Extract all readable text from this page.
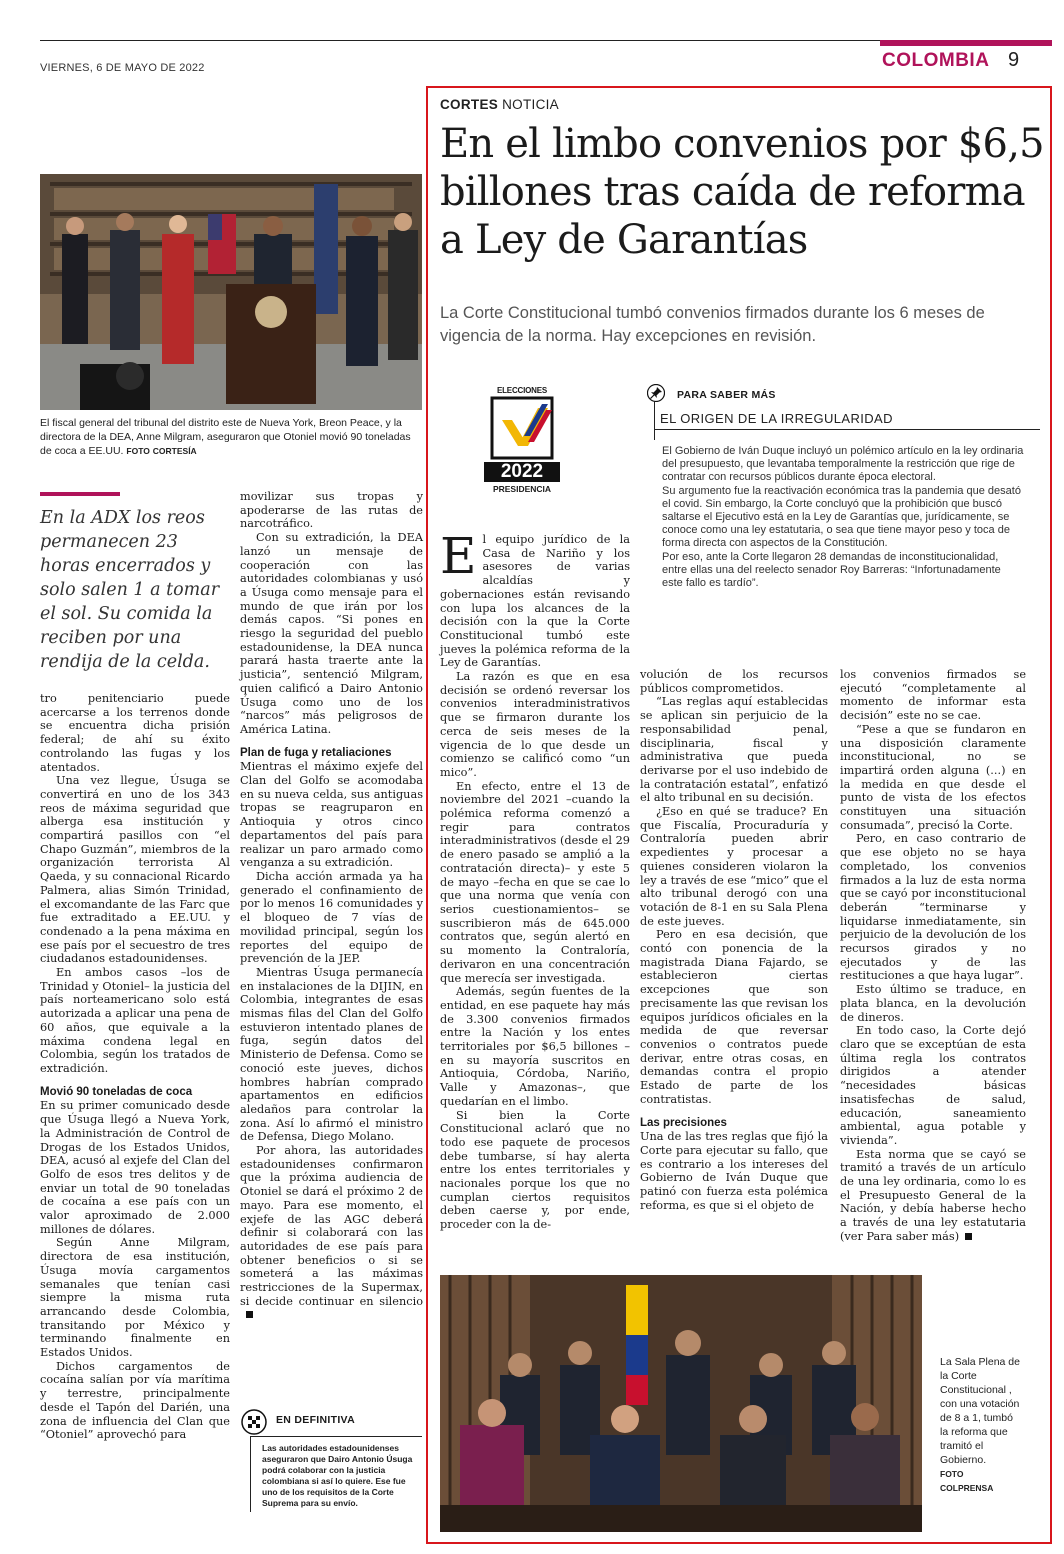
VIERNES, 6 DE MAYO DE 2022	COLOMBIA 9
El fiscal general del tribunal del distrito este de Nueva York, Breon Peace, y la directora de la DEA, Anne Milgram, aseguraron que Otoniel movió 90 toneladas de coca a EE.UU. FOTO CORTESÍA
En la ADX los reos permanecen 23 horas encerrados y solo salen 1 a tomar el sol. Su comida la reciben por una rendija de la celda.

tro penitenciario puede acercarse a los terrenos donde se encuentra dicha prisión federal; de ahí su éxito controlando las fugas y los atentados.

Una vez llegue, Úsuga se convertirá en uno de los 343 reos de máxima seguridad que alberga esa institución y compartirá pasillos con “el Chapo Guzmán”, miembros de la organización terrorista Al Qaeda, y su connacional Ricardo Palmera, alias Simón Trinidad, el excomandante de las Farc que fue extraditado a EE.UU. y condenado a la pena máxima en ese país por el secuestro de tres ciudadanos estadounidenses.

En ambos casos –los de Trinidad y Otoniel– la justicia del país norteamericano solo está autorizada a aplicar una pena de 60 años, que equivale a la máxima condena legal en Colombia, según los tratados de extradición.

Movió 90 toneladas de coca

En su primer comunicado desde que Úsuga llegó a Nueva York, la Administración de Control de Drogas de los Estados Unidos, DEA, acusó al exjefe del Clan del Golfo de esos tres delitos y de enviar un total de 90 toneladas de cocaína a ese país con un valor aproximado de 2.000 millones de dólares.

Según Anne Milgram, directora de esa institución, Úsuga movía cargamentos semanales que tenían casi siempre la misma ruta arrancando desde Colombia, transitando por México y terminando finalmente en Estados Unidos.

Dichos cargamentos de cocaína salían por vía marítima y terrestre, principalmente desde el Tapón del Darién, una zona de influencia del Clan que “Otoniel” aprovechó para

movilizar sus tropas y apoderarse de las rutas de narcotráfico.

Con su extradición, la DEA lanzó un mensaje de cooperación con las autoridades colombianas y usó a Úsuga como mensaje para el mundo de que irán por los demás capos. “Si pones en riesgo la seguridad del pueblo estadounidense, la DEA nunca parará hasta traerte ante la justicia”, sentenció Milgram, quien calificó a Dairo Antonio Úsuga como uno de los “narcos” más peligrosos de América Latina.

Plan de fuga y retaliaciones

Mientras el máximo exjefe del Clan del Golfo se acomodaba en su nueva celda, sus antiguas tropas se reagruparon en Antioquia y otros cinco departamentos del país para realizar un paro armado como venganza a su extradición.

Dicha acción armada ya ha generado el confinamiento de por lo menos 16 comunidades y el bloqueo de 7 vías de movilidad principal, según los reportes del equipo de prevención de la JEP.

Mientras Úsuga permanecía en instalaciones de la DIJIN, en Colombia, integrantes de esas mismas filas del Clan del Golfo estuvieron intentado planes de fuga, según datos del Ministerio de Defensa. Como se conoció este jueves, dichos hombres habrían comprado apartamentos en edificios aledaños para controlar la zona. Así lo afirmó el ministro de Defensa, Diego Molano.

Por ahora, las autoridades estadounidenses confirmaron que la próxima audiencia de Otoniel se dará el próximo 2 de mayo. Para ese momento, el exjefe de las AGC deberá definir si colaborará con las autoridades de ese país para obtener beneficios o si se someterá a las máximas restricciones de la Supermax, si decide continuar en silencio

EN DEFINITIVA
Las autoridades estadounidenses aseguraron que Dairo Antonio Úsuga podrá colaborar con la justicia colombiana si así lo quiere. Ese fue uno de los requisitos de la Corte Suprema para su envío.
CORTES NOTICIA
En el limbo convenios por $6,5 billones tras caída de reforma a Ley de Garantías
La Corte Constitucional tumbó convenios firmados durante los 6 meses de vigencia de la norma. Hay excepciones en revisión.
ELECCIONES
2022
PRESIDENCIA
PARA SABER MÁS
EL ORIGEN DE LA IRREGULARIDAD

El Gobierno de Iván Duque incluyó un polémico artículo en la ley ordinaria del presupuesto, que levantaba temporalmente la restricción que rige de contratar con recursos públicos durante época electoral.

Su argumento fue la reactivación económica tras la pandemia que desató el covid. Sin embargo, la Corte concluyó que la prohibición que buscó saltarse el Ejecutivo está en la Ley de Garantías que, jurídicamente, se conoce como una ley estatutaria, o sea que tiene mayor peso y toca de forma directa con aspectos de la Constitución.

Por eso, ante la Corte llegaron 28 demandas de inconstitucionalidad, entre ellas una del reelecto senador Roy Barreras: “Infortunadamente este fallo es tardío”.

El equipo jurídico de la Casa de Nariño y los asesores de varias alcaldías y gobernaciones están revisando con lupa los alcances de la decisión con la que la Corte Constitucional tumbó este jueves la polémica reforma de la Ley de Garantías.

La razón es que en esa decisión se ordenó reversar los convenios interadministrativos que se firmaron durante los cerca de seis meses de la vigencia de lo que desde un comienzo se calificó como “un mico”.

En efecto, entre el 13 de noviembre del 2021 –cuando la polémica reforma comenzó a regir para contratos interadministrativos (desde el 29 de enero pasado se amplió a la contratación directa)– y este 5 de mayo –fecha en que se cae lo que una norma que venía con serios cuestionamientos– se suscribieron más de 645.000 contratos que, según alertó en su momento la Contraloría, derivaron en una concentración que merecía ser investigada.

Además, según fuentes de la entidad, en ese paquete hay más de 3.300 convenios firmados entre la Nación y los entes territoriales por $6,5 billones –en su mayoría suscritos en Antioquia, Córdoba, Nariño, Valle y Amazonas–, que quedarían en el limbo.

Si bien la Corte Constitucional aclaró que no todo ese paquete de procesos debe tumbarse, sí hay alerta entre los entes territoriales y nacionales porque los que no cumplan ciertos requisitos deben caerse y, por ende, proceder con la de-

volución de los recursos públicos comprometidos.

“Las reglas aquí establecidas se aplican sin perjuicio de la responsabilidad penal, disciplinaria, fiscal y administrativa que pueda derivarse por el uso indebido de la contratación estatal”, enfatizó el alto tribunal en su decisión.

¿Eso en qué se traduce? En que Fiscalía, Procuraduría y Contraloría pueden abrir expedientes y procesar a quienes consideren violaron la ley a través de ese “mico” que el alto tribunal derogó con una votación de 8-1 en su Sala Plena de este jueves.

Pero en esa decisión, que contó con ponencia de la magistrada Diana Fajardo, se establecieron ciertas excepciones que son precisamente las que revisan los equipos jurídicos oficiales en la medida de que reversar convenios o contratos puede derivar, entre otras cosas, en demandas contra el propio Estado de parte de los contratistas.

Las precisiones

Una de las tres reglas que fijó la Corte para ejecutar su fallo, que es contrario a los intereses del Gobierno de Iván Duque que patinó con fuerza esta polémica reforma, es que si el objeto de

los convenios firmados se ejecutó “completamente al momento de informar esta decisión” este no se cae.

“Pese a que se fundaron en una disposición claramente inconstitucional, no se impartirá orden alguna (...) en la medida en que desde el punto de vista de los efectos constituyen una situación consumada”, precisó la Corte.

Pero, en caso contrario de que ese objeto no se haya completado, los convenios firmados a la luz de esta norma que se cayó por inconstitucional deberán “terminarse y liquidarse inmediatamente, sin perjuicio de la devolución de los recursos girados y no ejecutados y de las restituciones a que haya lugar”.

Esto último se traduce, en plata blanca, en la devolución de dineros.

En todo caso, la Corte dejó claro que se exceptúan de esta última regla los contratos dirigidos a atender “necesidades básicas insatisfechas de salud, educación, saneamiento ambiental, agua potable y vivienda”.

Esta norma que se cayó se tramitó a través de un artículo de una ley ordinaria, como lo es el Presupuesto General de la Nación, y debía haberse hecho a través de una ley estatutaria (ver Para saber más)

La Sala Plena de la Corte Constitucional , con una votación de 8 a 1, tumbó la reforma que tramitó el Gobierno.
FOTO
COLPRENSA
